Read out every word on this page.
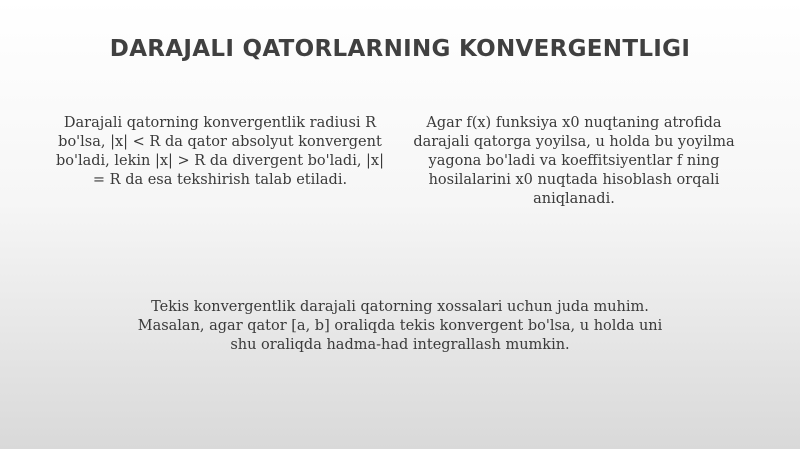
DARAJALI QATORLARNING KONVERGENTLIGI
Darajali qatorning konvergentlik radiusi R bo'lsa, |x| < R da qator absolyut konvergent bo'ladi, lekin |x| > R da divergent bo'ladi, |x| = R da esa tekshirish talab etiladi.
Agar f(x) funksiya x0 nuqtaning atrofida darajali qatorga yoyilsa, u holda bu yoyilma yagona bo'ladi va koeffitsiyentlar f ning hosilalarini x0 nuqtada hisoblash orqali aniqlanadi.
Tekis konvergentlik darajali qatorning xossalari uchun juda muhim. Masalan, agar qator [a, b] oraliqda tekis konvergent bo'lsa, u holda uni shu oraliqda hadma-had integrallash mumkin.
